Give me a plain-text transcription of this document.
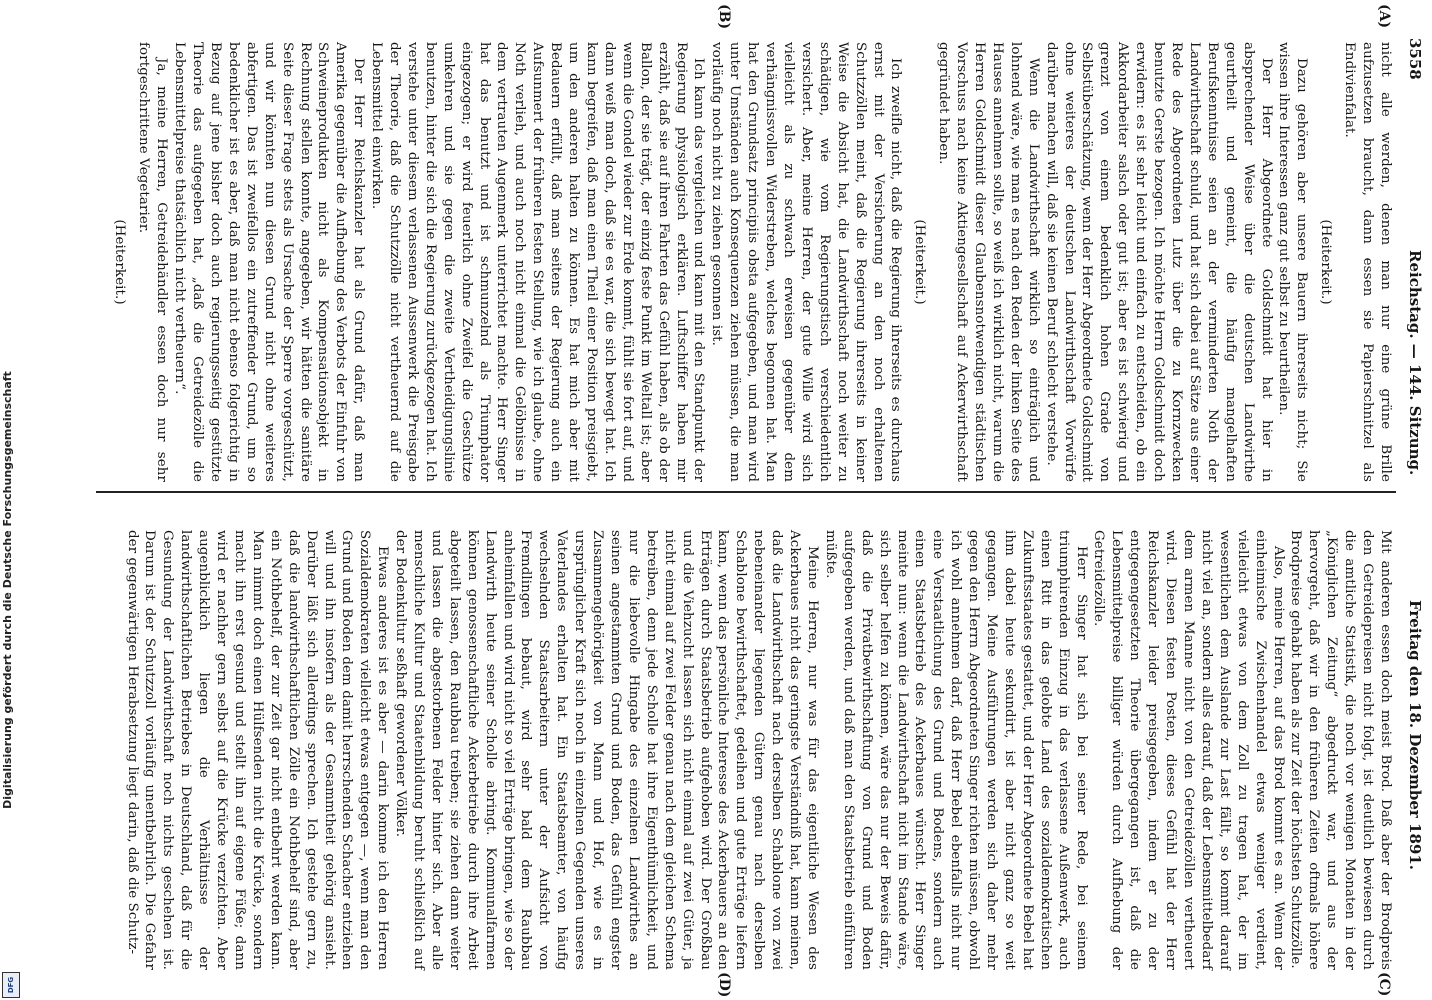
3558
Reichstag. — 144. Sitzung.
Freitag den 18. Dezember 1891.
(A)
(B)
(C)
(D)

nicht alle werden, denen man nur eine grüne Brille aufzusetzen braucht, dann essen sie Papierschnitzel als Endivienfalat.

(Heiterkeit.)

Dazu gehören aber unsere Bauern ihrerseits nicht; Sie wissen ihre Interessen ganz gut selbst zu beurtheilen.

Der Herr Abgeordnete Goldschmidt hat hier in absprechender Weise über die deutschen Landwirthe geurtheilt und gemeint, die häufig mangelhaften Berufskenntnisse seien an der verminderten Noth der Landwirthschaft schuld, und hat sich dabei auf Sätze aus einer Rede des Abgeordneten Lutz über die zu Kornzwecken benutzte Gerste bezogen. Ich möchte Herrn Goldschmidt doch erwidern: es ist sehr leicht und einfach zu entscheiden, ob ein Akkordarbeiter salsch oder gut ist; aber es ist schwierig und grenzt von einem bedenklich hohen Grade von Selbstüberschätzung, wenn der Herr Abgeordnete Goldschmidt ohne weiteres der deutschen Landwirthschaft Vorwürfe darüber machen will, daß sie keinen Beruf schlecht verstehe.

Wenn die Landwirthschaft wirklich so einträglich und lohnend wäre, wie man es nach den Reden der linken Seite des Hauses annehmen sollte, so weiß ich wirklich nicht, warum die Herren Goldschmidt dieser Glaubensnotwendigen städtischen Vorschuss nach keine Aktiengesellschaft auf Ackerwirthschaft gegründet haben.

(Heiterkeit.)

Ich zweifle nicht, daß die Regierung ihrerseits es durchaus ernst mit der Versicherung an den noch erhaltenen Schutzzöllen meint, daß die Regierung ihrerseits in keiner Weise die Absicht hat, die Landwirthschaft noch weiter zu schädigen, wie vom Regierungstisch verschiedentlich versichert. Aber, meine Herren, der gute Wille wird sich vielleicht als zu schwach erweisen gegenüber dem verhängnissvollen Widerstreben, welches begonnen hat. Man hat den Grundsatz principiis obsta aufgegeben, und man wird unter Umständen auch Konsequenzen ziehen müssen, die man vorläufig noch nicht zu ziehen gesonnen ist.

Ich kann das vergleichen und kann mit den Standpunkt der Regierung physiologisch erklären. Luftschiffer haben mir erzählt, daß sie auf ihren Fahrten das Gefühl haben, als ob der Ballon, der sie trägt, der einzig feste Punkt im Weltall ist; aber wenn die Gondel wieder zur Erde kommt, fühlt sie fort auf, und dann weiß man doch, daß sie es war, die sich bewegt hat. Ich kann begreifen, daß man einen Theil einer Position preisgiebt, um den anderen halten zu können. Es hat mich aber mit Bedauern erfüllt, daß man seitens der Regierung auch ein Aufsunmert der früheren festen Stellung, wie ich glaube, ohne Noth verlieh, und auch noch nicht einmal die Gelöbnisse in dem vertrauten Augenmerk unterrichtet machte. Herr Singer hat das benutzt und ist schmunzelnd als Triumphator eingezogen; er wird feuerlich ohne Zweifel die Geschütze umkehren und sie gegen die zweite Vertheidigungslinie benutzen, hinter die sich die Regierung zurückgezogen hat. Ich verstehe unter diesem verlassenen Aussenwerk die Preisgabe der Theorie, daß die Schutzzölle nicht vertheuernd auf die Lebensmittel einwirken.

Der Herr Reichskanzler hat als Grund dafür, daß man Amerika gegenüber die Aufhebung des Verbots der Einfuhr von Schweineprodukten nicht als Kompensationsobjekt in Rechnung stellen konnte, angegeben, wir hätten die sanitäre Seite dieser Frage stets als Ursache der Sperre vorgeschützt, und wir könnten nun diesen Grund nicht ohne weiteres abfertigen. Das ist zweifellos ein zutreffender Grund, um so bedenklicher ist es aber, daß man nicht ebenso folgerichtig in Bezug auf jene bisher doch auch regierungsseitig gestützte Theorie das aufgegeben hat, „daß die Getreidezölle die Lebensmittelpreise thatsächlich nicht vertheuern“.

Ja, meine Herren, Getreidehändler essen doch nur sehr fortgeschrittene Vegetarier.

(Heiterkeit.)

Mit anderen essen doch meist Brod. Daß aber der Brodpreis den Getreidepreisen nicht folgt, ist deutlich bewiesen durch die amtliche Statistik, die noch vor wenigen Monaten in der „Königlichen Zeitung“ abgedruckt war, und aus der hervorgeht, daß wir in den früheren Zeiten oftmals höhere Brodpreise gehabt haben als zur Zeit der höchsten Schutzzölle.

Also, meine Herren, auf das Brod kommt es an. Wenn der einheimische Zwischenhandel etwas weniger verdient, vielleicht etwas von dem Zoll zu tragen hat, der im wesentlichen dem Auslande zur Last fällt, so kommt darauf nicht viel an, sondern alles darauf, daß der Lebensmittelbedarf dem armen Manne nicht von den Getreidezöllen vertheuert wird. Diesen festen Posten, dieses Gefühl hat der Herr Reichskanzler leider preisgegeben, indem er zu der entgegengesetzten Theorie übergegangen ist, daß die Lebensmittelpreise billiger würden durch Aufhebung der Getreidezölle.

Herr Singer hat sich bei seiner Rede, bei seinem triumphirenden Einzug in das verlassene Außenwerk, auch einen Ritt in das gelobte Land des sozialdemokratischen Zukunftsstaates gestattet, und der Herr Abgeordnete Bebel hat ihm dabei heute sekundirt, ist aber nicht ganz so weit gegangen. Meine Ausführungen werden sich daher mehr gegen den Herrn Abgeordneten Singer richten müssen, obwohl ich wohl annehmen darf, daß Herr Bebel ebenfalls nicht nur eine Verstaatlichung des Grund und Bodens, sondern auch einen Staatsbetrieb des Ackerbaues wünscht. Herr Singer meinte nun: wenn die Landwirthschaft nicht im Stande wäre, sich selber helfen zu können, wäre das nur der Beweis dafür, daß die Privatbewirthschaftung von Grund und Boden aufgegeben werden, und daß man den Staatsbetrieb einführen müßte.

Meine Herren, nur was für das eigentliche Wesen des Ackerbaues nicht das geringste Verständniß hat, kann meinen, daß die Landwirthschaft nach derselben Schablone von zwei nebeneinander liegenden Gütern genau nach derselben Schablone bewirthschaftet, gedeihen und gute Erträge liefern kann, wenn das persönliche Interesse des Ackerbauers an den Erträgen durch Staatsbetrieb aufgehoben wird. Der Großbau und die Viehzucht lassen sich nicht einmal auf zwei Güter, ja nicht einmal auf zwei Felder genau nach dem gleichen Schema betreiben, denn jede Scholle hat ihre Eigenthümlichkeit, und nur die liebevolle Hingabe des einzelnen Landwirthes an seinen angestammten Grund und Boden, das Gefühl engster Zusammengehörigkeit von Mann und Hof, wie es in ursprünglicher Kraft sich noch in einzelnen Gegenden unseres Vaterlandes erhalten hat. Ein Staatsbeamter, von häufig wechselnden Staatsarbeitern unter der Aufsicht von Fremdlingen bebaut, wird sehr bald dem Raubbau anheimfallen und wird nicht so viel Erträge bringen, wie so der Landwirth heute seiner Scholle abringt. Kommunalfarmen können genossenschaftliche Ackerbetriebe durch ihre Arbeit abgeteilt lassen, den Raubbau treiben; sie ziehen dann weiter und lassen die abgestorbenen Felder hinter sich. Aber alle menschliche Kultur und Staatenbildung beruht schließlich auf der Bodenkultur seßhaft gewordener Völker.

Etwas anderes ist es aber — darin komme ich den Herren Sozialdemokraten vielleicht etwas entgegen —, wenn man den Grund und Boden dem damit herrschenden Schacher entziehen will und ihn insofern als der Gesammtheit gehörig ansieht. Darüber läßt sich allerdings sprechen. Ich gestehe gern zu, daß die landwirthschaftlichen Zölle ein Nothbehelf sind, aber ein Nothbehelf, der zur Zeit gar nicht entbehrt werden kann. Man nimmt doch einen Hülfsenden nicht die Krücke, sondern macht ihn erst gesund und stellt ihn auf eigene Füße; dann wird er nachher gern selbst auf die Krücke verzichten. Aber augenblicklich liegen die Verhältnisse der landwirthschaftlichen Betriebes in Deutschland, daß für die Gesundung der Landwirthschaft noch nichts geschehen ist. Darum ist der Schutzzoll vorläufig unentbehrlich. Die Gefahr der gegenwärtigen Herabsetzung liegt darin, daß die Schutz-

Digitalisierung gefördert durch die Deutsche Forschungsgemeinschaft
DFG
